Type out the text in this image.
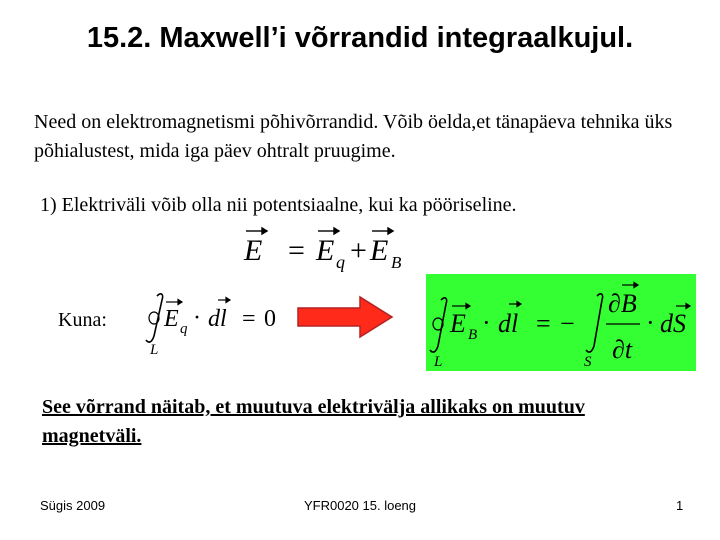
15.2. Maxwell’i võrrandid integraalkujul.
Need on elektromagnetismi põhivõrrandid. Võib öelda,et tänapäeva tehnika üks põhialustest, mida iga päev ohtralt pruugime.
1) Elektriväli võib olla nii potentsiaalne, kui ka pööriseline.
E = E q + E B
Kuna: E q · dl = 0
L
E B · dl = −
∂B
∂t
· dS
L	S
See võrrand näitab, et muutuva elektrivälja allikaks on muutuv magnetväli.
Sügis 2009	YFR0020 15. loeng	1
